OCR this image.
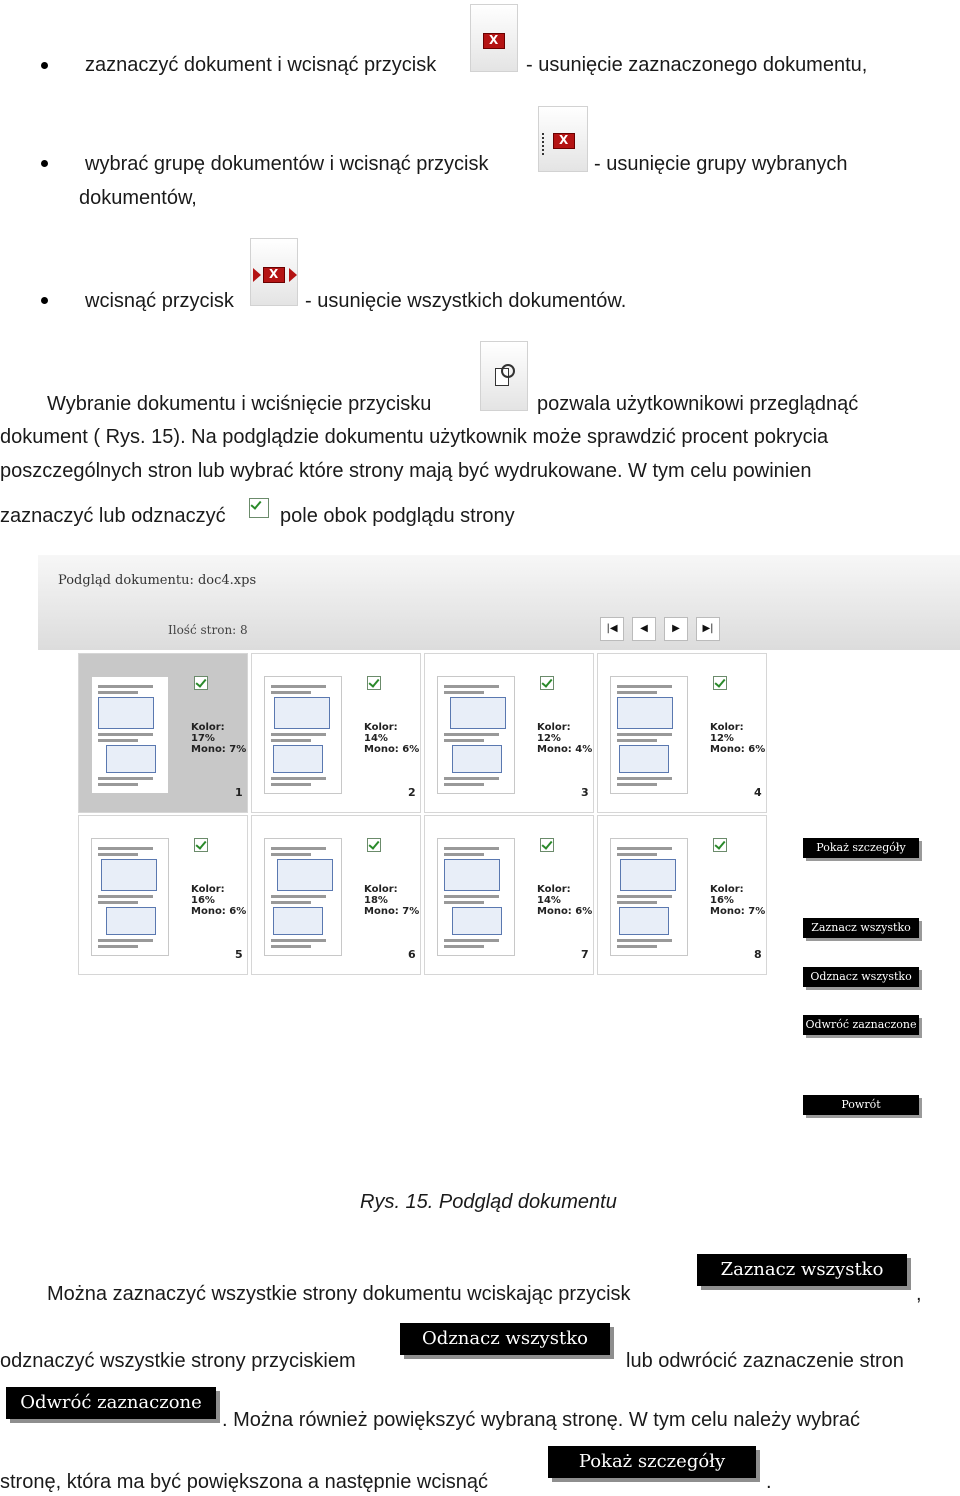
zaznaczyć dokument i wcisnąć przycisk
X	- usunięcie zaznaczonego dokumentu,
wybrać grupę dokumentów i wcisnąć przycisk
X	- usunięcie grupy wybranych
dokumentów,
wcisnąć przycisk
X	- usunięcie wszystkich dokumentów.
Wybranie dokumentu i wciśnięcie przycisku	pozwala użytkownikowi przeglądnąć
dokument ( Rys. 15). Na podglądzie dokumentu użytkownik może sprawdzić procent pokrycia
poszczególnych stron lub wybrać które strony mają być wydrukowane. W tym celu powinien
zaznaczyć lub odznaczyć	pole obok podglądu strony
Podgląd dokumentu: doc4.xps
Ilość stron: 8	|◀	◀	▶	▶|
Kolor: 17%
Mono: 7%
1
Kolor: 14%
Mono: 6%
2
Kolor: 12%
Mono: 4%
3
Kolor: 12%
Mono: 6%
4
Kolor: 16%
Mono: 6%
5
Kolor: 18%
Mono: 7%
6
Kolor: 14%
Mono: 6%
7
Kolor: 16%
Mono: 7%
8
Pokaż szczegóły
Zaznacz wszystko
Odznacz wszystko
Odwróć zaznaczone
Powrót
Rys. 15. Podgląd dokumentu
Można zaznaczyć wszystkie strony dokumentu wciskając przycisk
Zaznacz wszystko
,
odznaczyć wszystkie strony przyciskiem
Odznacz wszystko
lub odwrócić zaznaczenie stron
Odwróć zaznaczone
. Można również powiększyć wybraną stronę. W tym celu należy wybrać
stronę, która ma być powiększona a następnie wcisnąć
Pokaż szczegóły
.
